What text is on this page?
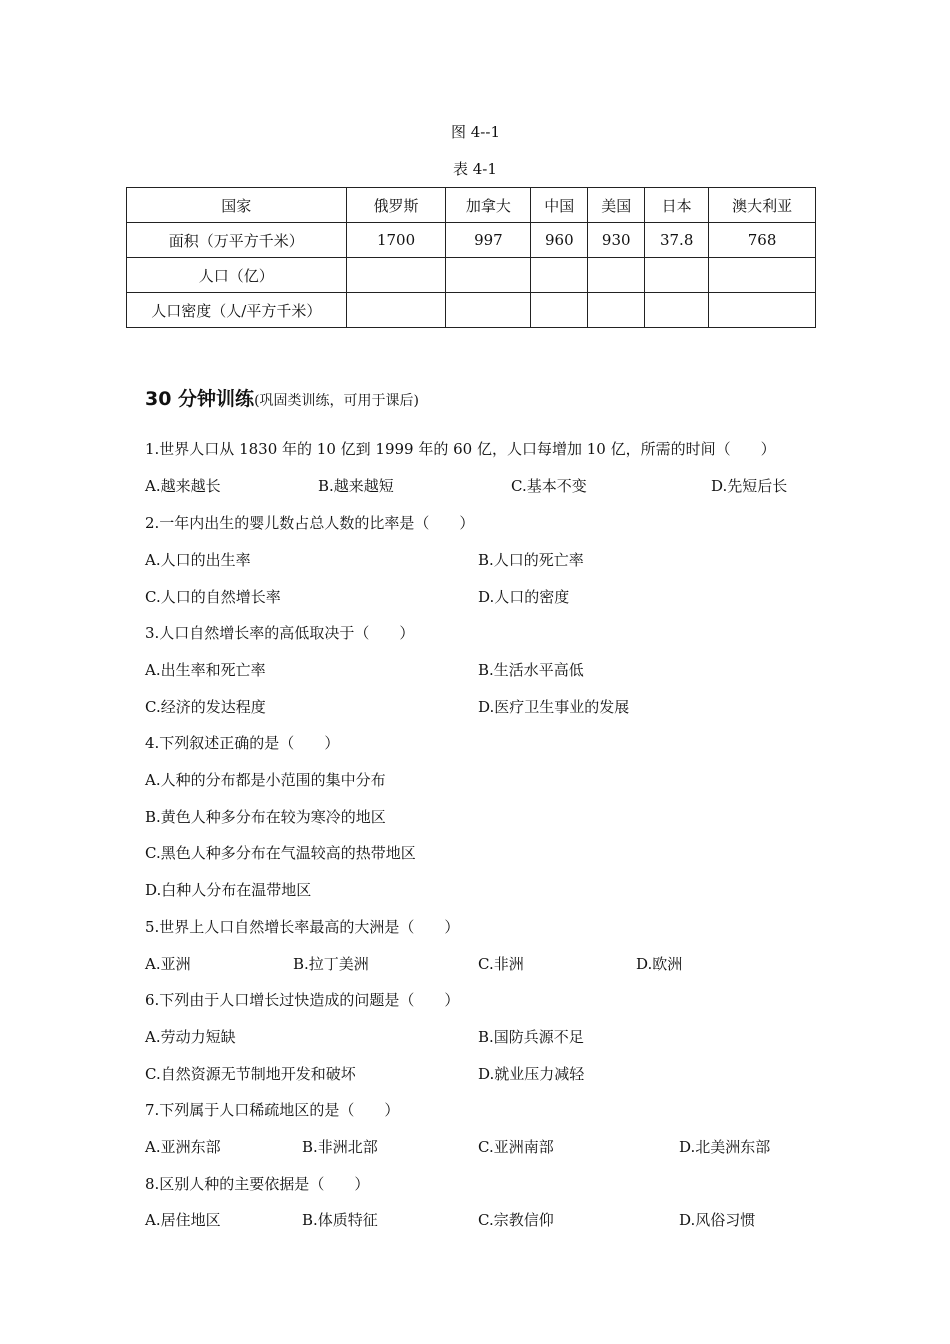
图 4--1
表 4-1
国家	俄罗斯	加拿大	中国	美国	日本	澳大利亚
面积（万平方千米）	1700	997	960	930	37.8	768
人口（亿）						
人口密度（人/平方千米）						
30 分钟训练(巩固类训练，可用于课后)
1.世界人口从 1830 年的 10 亿到 1999 年的 60 亿，人口每增加 10 亿，所需的时间（　　）
A.越来越长	B.越来越短	C.基本不变	D.先短后长
2.一年内出生的婴儿数占总人数的比率是（　　）
A.人口的出生率	B.人口的死亡率
C.人口的自然增长率	D.人口的密度
3.人口自然增长率的高低取决于（　　）
A.出生率和死亡率	B.生活水平高低
C.经济的发达程度	D.医疗卫生事业的发展
4.下列叙述正确的是（　　）
A.人种的分布都是小范围的集中分布
B.黄色人种多分布在较为寒冷的地区
C.黑色人种多分布在气温较高的热带地区
D.白种人分布在温带地区
5.世界上人口自然增长率最高的大洲是（　　）
A.亚洲	B.拉丁美洲	C.非洲	D.欧洲
6.下列由于人口增长过快造成的问题是（　　）
A.劳动力短缺	B.国防兵源不足
C.自然资源无节制地开发和破坏	D.就业压力减轻
7.下列属于人口稀疏地区的是（　　）
A.亚洲东部	B.非洲北部	C.亚洲南部	D.北美洲东部
8.区别人种的主要依据是（　　）
A.居住地区	B.体质特征	C.宗教信仰	D.风俗习惯
